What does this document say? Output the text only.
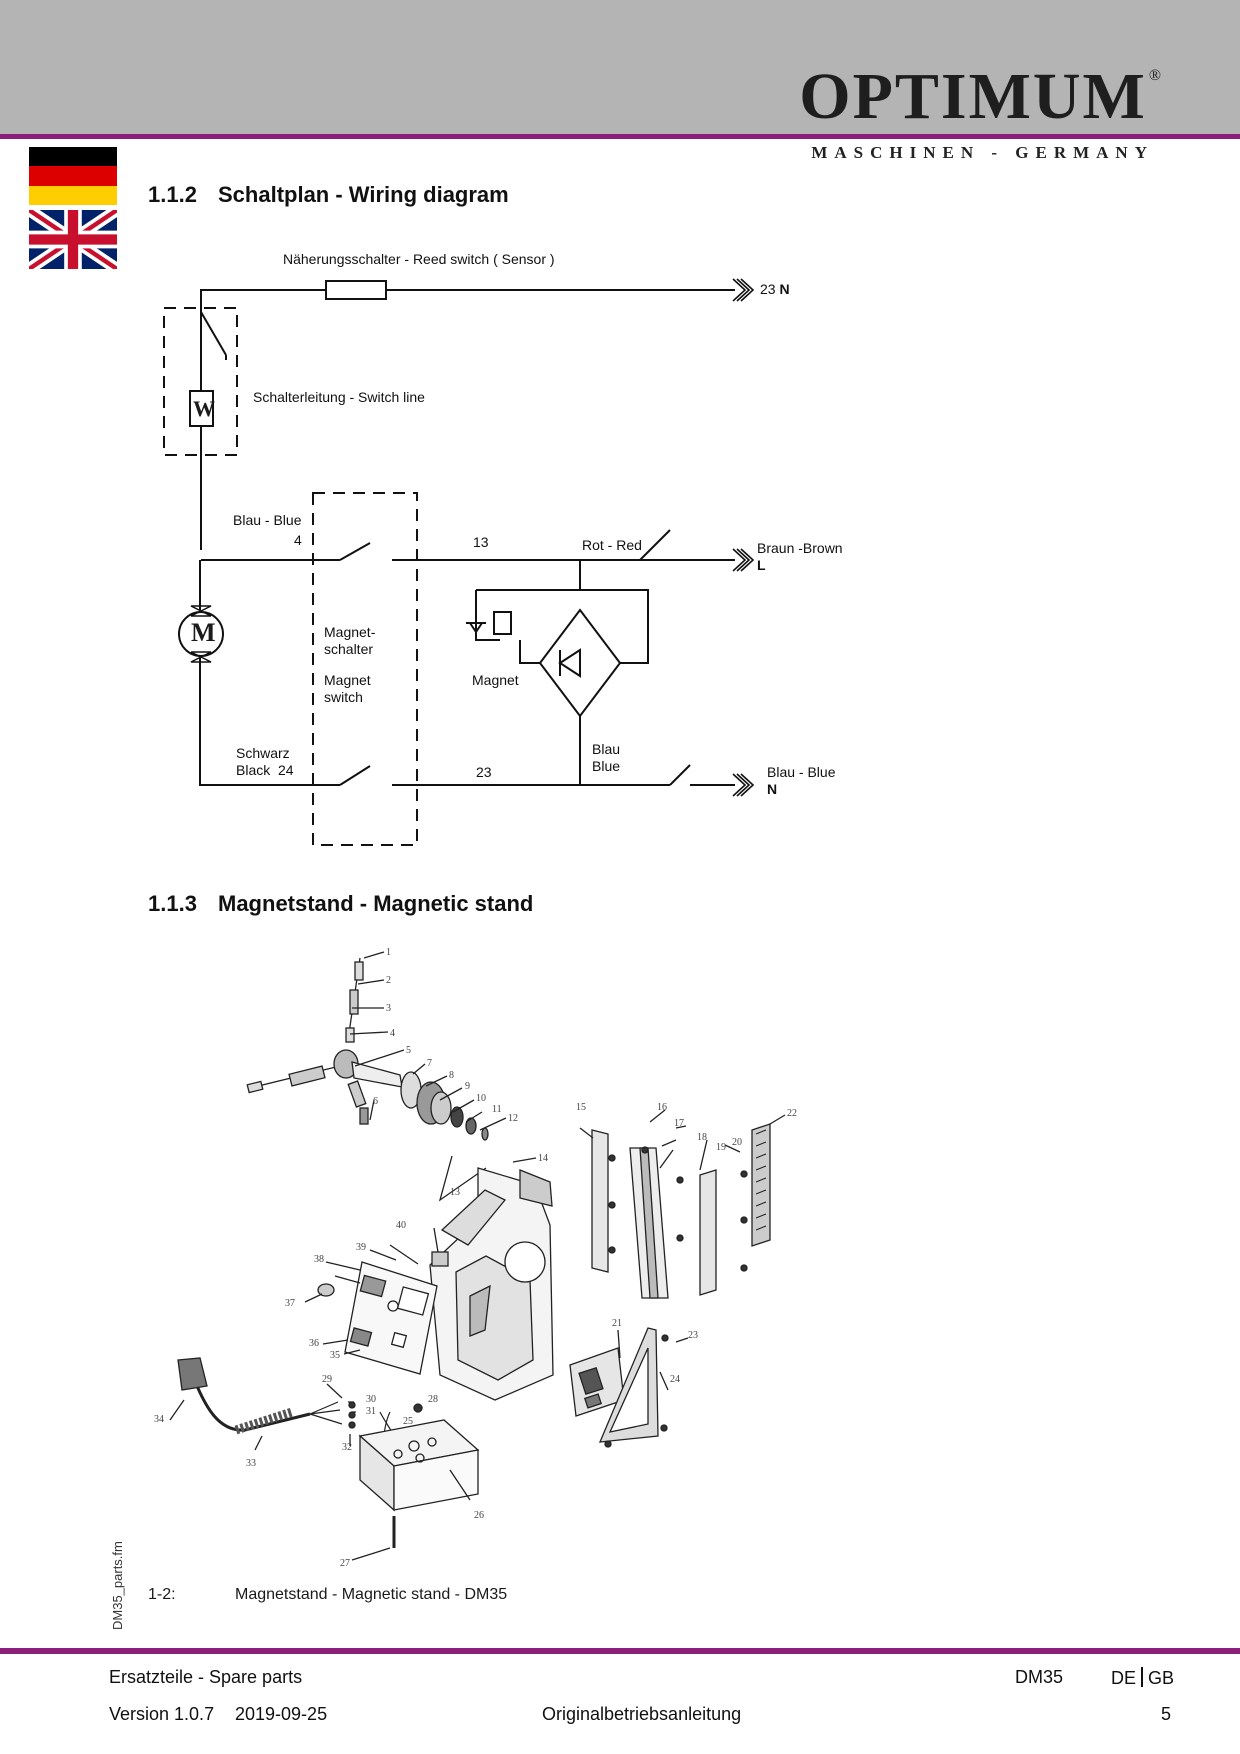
OPTIMUM ®
MASCHINEN - GERMANY
1.1.2 Schaltplan - Wiring diagram
Näherungsschalter - Reed switch ( Sensor )
23 N
W	Schalterleitung - Switch line
Blau - Blue
4	13	Rot - Red	Braun -Brown
L
M	Magnet-
schalter
Magnet
switch
Magnet
Schwarz
Black  24	23
Blau
Blue	Blau - Blue
N
1.1.3 Magnetstand - Magnetic stand
1
2
3
4
5
6
7
8
9
10
11
12
13
14
15	16
17
18
19 20
21
22
23
24
25
26
27
28
29
30
31
32
33
34
35
36
37
38
39
40
1-2:	Magnetstand - Magnetic stand - DM35
DM35_parts.fm
Ersatzteile - Spare parts	DM35	DE GB
Version 1.0.7 2019-09-25	Originalbetriebsanleitung	5
